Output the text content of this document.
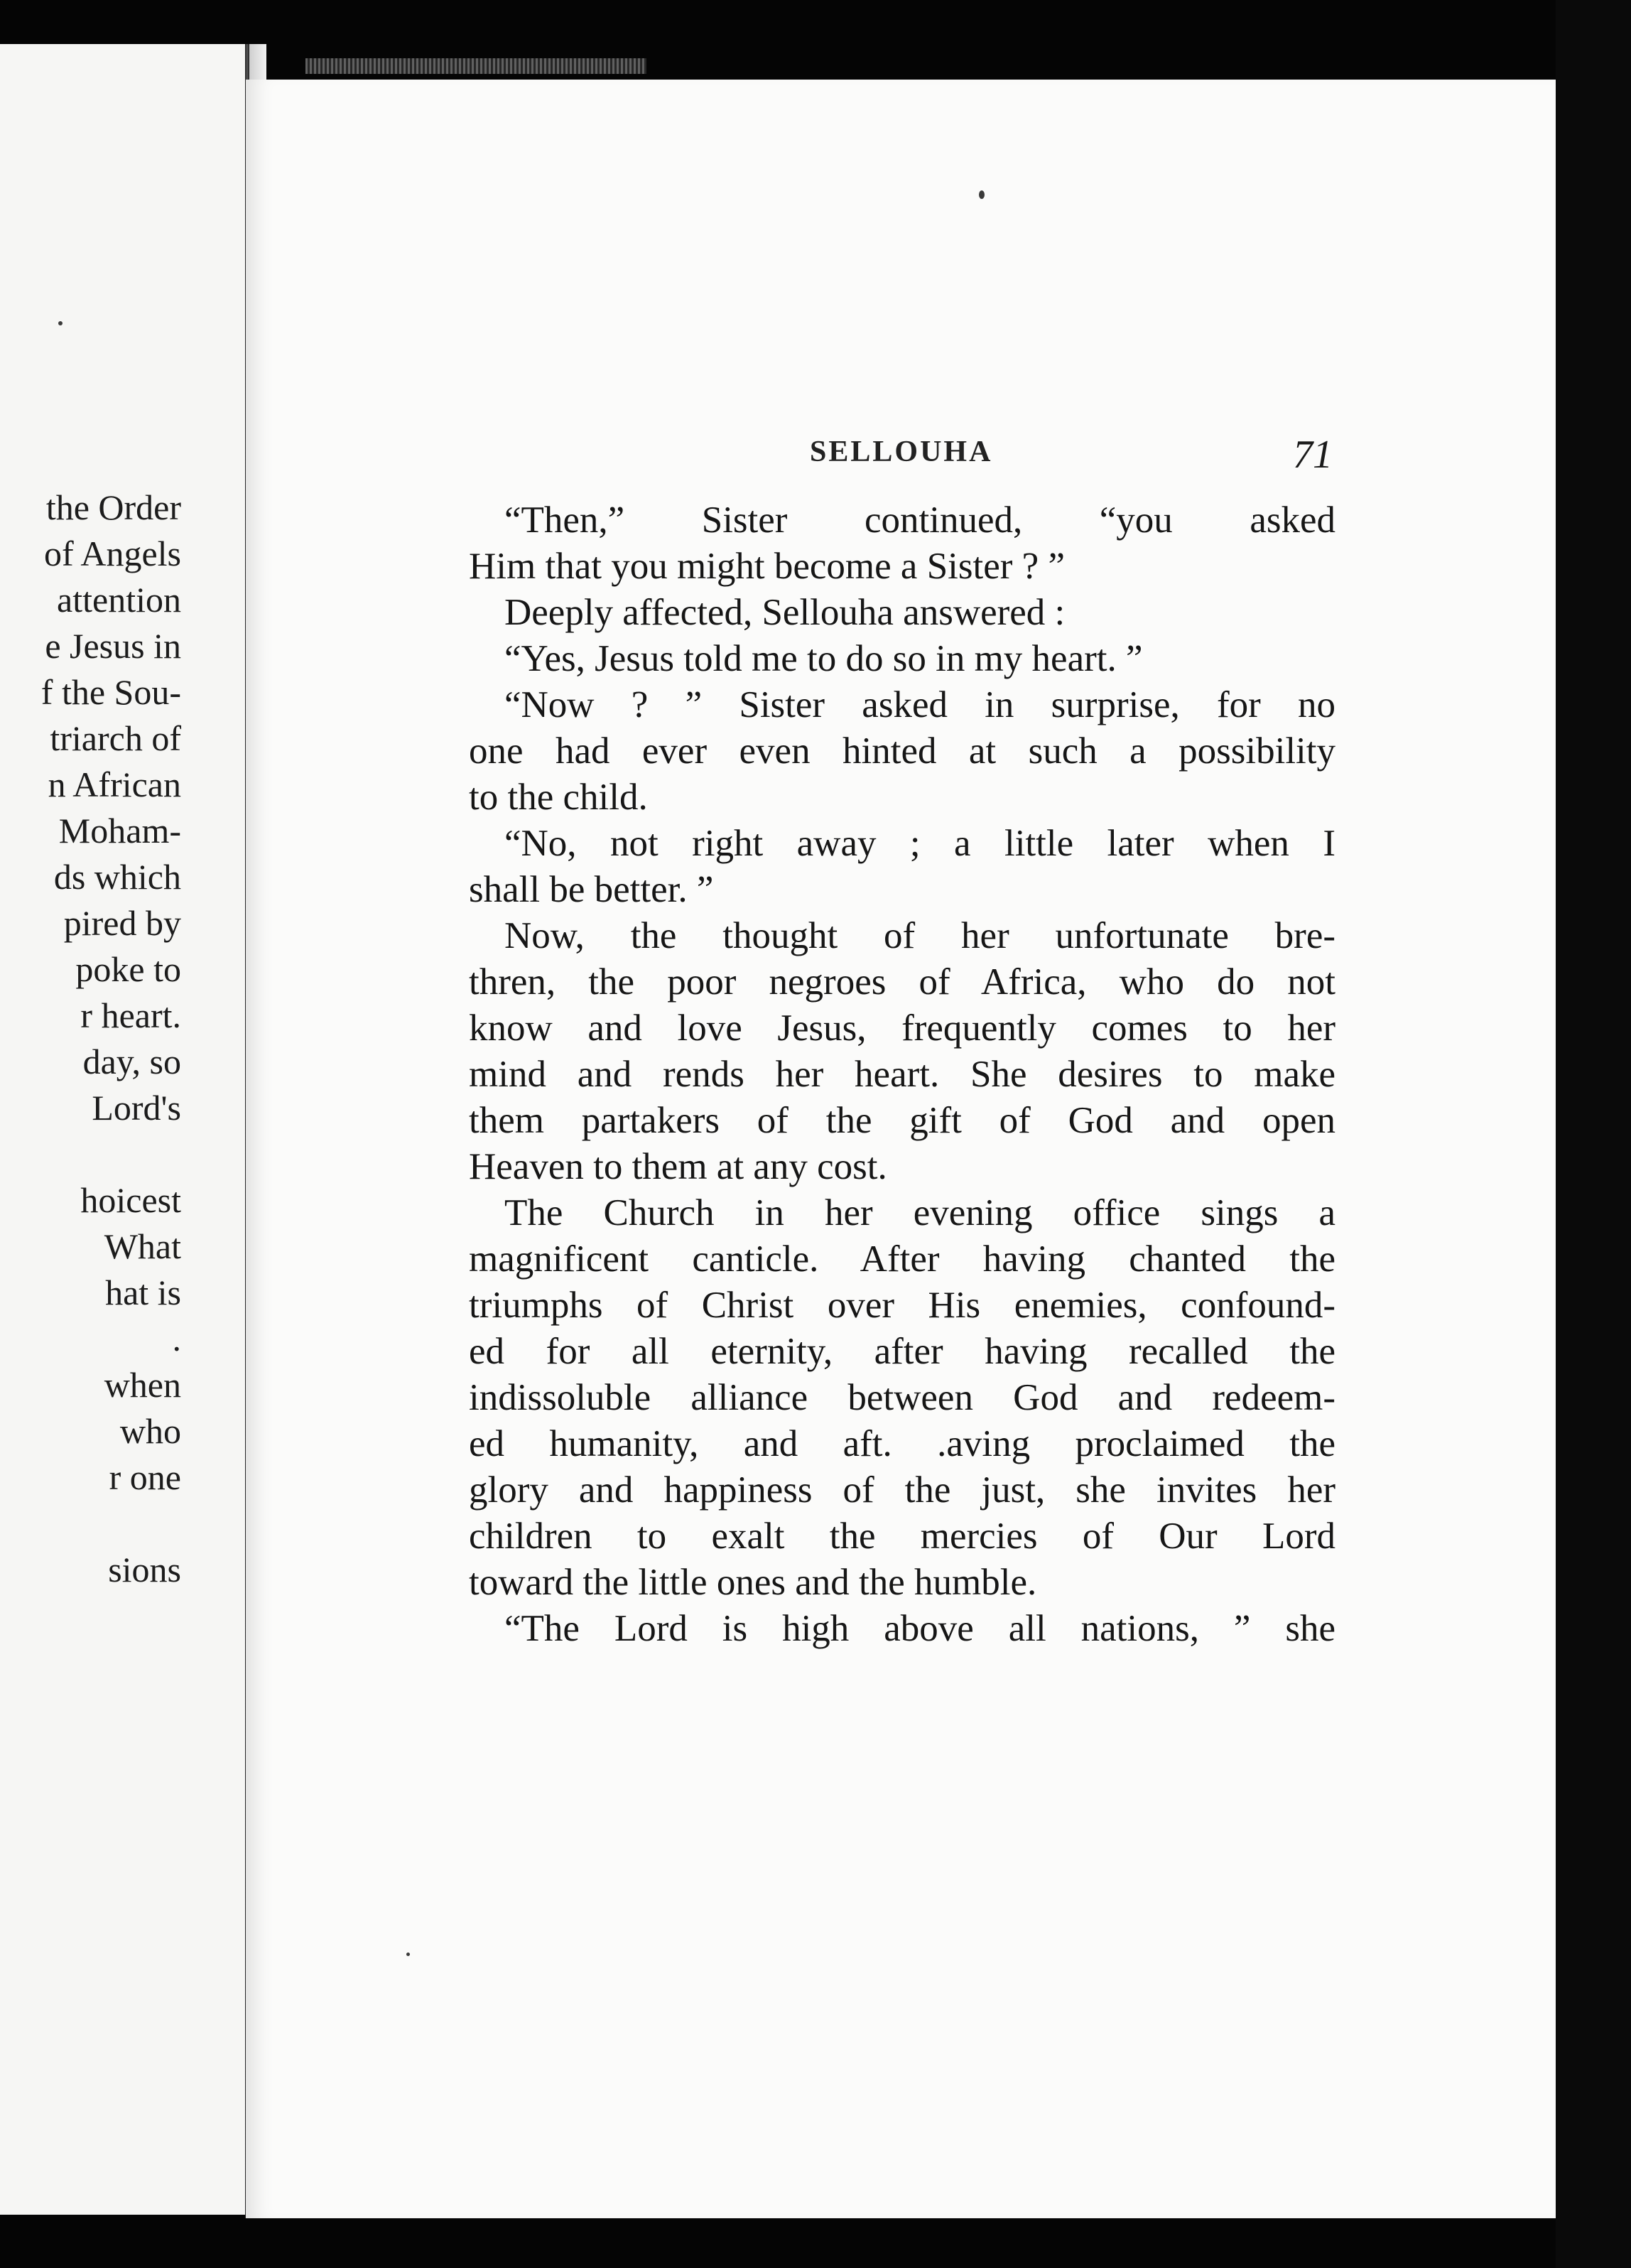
the Order
of Angels
attention
e Jesus in
f the Sou-
triarch of
n African
Moham-
ds which
pired by
poke to
r heart.
day, so
Lord's
hoicest
What
hat is
.
when
who
r one
sions
SELLOUHA	71
“Then,” Sister continued, “you asked
Him that you might become a Sister ? ”
Deeply affected, Sellouha answered :
“Yes, Jesus told me to do so in my heart. ”
“Now ? ” Sister asked in surprise, for no
one had ever even hinted at such a possibility
to the child.
“No, not right away ; a little later when I
shall be better. ”
Now, the thought of her unfortunate bre-
thren, the poor negroes of Africa, who do not
know and love Jesus, frequently comes to her
mind and rends her heart. She desires to make
them partakers of the gift of God and open
Heaven to them at any cost.
The Church in her evening office sings a
magnificent canticle. After having chanted the
triumphs of Christ over His enemies, confound-
ed for all eternity, after having recalled the
indissoluble alliance between God and redeem-
ed humanity, and aft. .aving proclaimed the
glory and happiness of the just, she invites her
children to exalt the mercies of Our Lord
toward the little ones and the humble.
“The Lord is high above all nations, ” she
